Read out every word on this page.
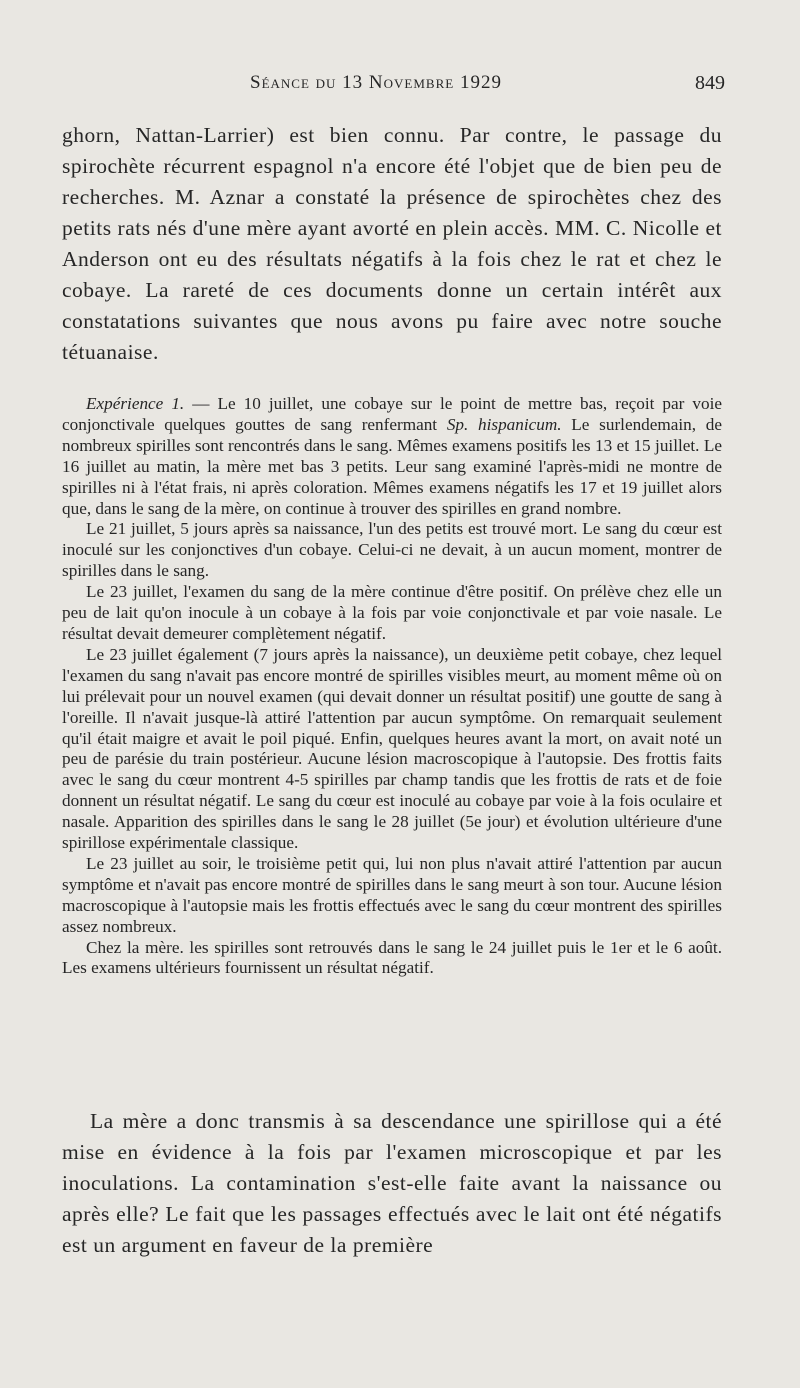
Séance du 13 Novembre 1929	849

ghorn, Nattan-Larrier) est bien connu. Par contre, le passage du spirochète récurrent espagnol n'a encore été l'objet que de bien peu de recherches. M. Aznar a constaté la présence de spirochètes chez des petits rats nés d'une mère ayant avorté en plein accès. MM. C. Nicolle et Anderson ont eu des résultats négatifs à la fois chez le rat et chez le cobaye. La rareté de ces documents donne un certain intérêt aux constatations suivantes que nous avons pu faire avec notre souche tétuanaise.

Expérience 1. — Le 10 juillet, une cobaye sur le point de mettre bas, reçoit par voie conjonctivale quelques gouttes de sang renfermant Sp. hispanicum. Le surlendemain, de nombreux spirilles sont rencontrés dans le sang. Mêmes examens positifs les 13 et 15 juillet. Le 16 juillet au matin, la mère met bas 3 petits. Leur sang examiné l'après-midi ne montre de spirilles ni à l'état frais, ni après coloration. Mêmes examens négatifs les 17 et 19 juillet alors que, dans le sang de la mère, on continue à trouver des spirilles en grand nombre.

Le 21 juillet, 5 jours après sa naissance, l'un des petits est trouvé mort. Le sang du cœur est inoculé sur les conjonctives d'un cobaye. Celui-ci ne devait, à un aucun moment, montrer de spirilles dans le sang.

Le 23 juillet, l'examen du sang de la mère continue d'être positif. On prélève chez elle un peu de lait qu'on inocule à un cobaye à la fois par voie conjonctivale et par voie nasale. Le résultat devait demeurer complètement négatif.

Le 23 juillet également (7 jours après la naissance), un deuxième petit cobaye, chez lequel l'examen du sang n'avait pas encore montré de spirilles visibles meurt, au moment même où on lui prélevait pour un nouvel examen (qui devait donner un résultat positif) une goutte de sang à l'oreille. Il n'avait jusque-là attiré l'attention par aucun symptôme. On remarquait seulement qu'il était maigre et avait le poil piqué. Enfin, quelques heures avant la mort, on avait noté un peu de parésie du train postérieur. Aucune lésion macroscopique à l'autopsie. Des frottis faits avec le sang du cœur montrent 4-5 spirilles par champ tandis que les frottis de rats et de foie donnent un résultat négatif. Le sang du cœur est inoculé au cobaye par voie à la fois oculaire et nasale. Apparition des spirilles dans le sang le 28 juillet (5e jour) et évolution ultérieure d'une spirillose expérimentale classique.

Le 23 juillet au soir, le troisième petit qui, lui non plus n'avait attiré l'attention par aucun symptôme et n'avait pas encore montré de spirilles dans le sang meurt à son tour. Aucune lésion macroscopique à l'autopsie mais les frottis effectués avec le sang du cœur montrent des spirilles assez nombreux.

Chez la mère. les spirilles sont retrouvés dans le sang le 24 juillet puis le 1er et le 6 août. Les examens ultérieurs fournissent un résultat négatif.

La mère a donc transmis à sa descendance une spirillose qui a été mise en évidence à la fois par l'examen microscopique et par les inoculations. La contamination s'est-elle faite avant la naissance ou après elle? Le fait que les passages effectués avec le lait ont été négatifs est un argument en faveur de la première
